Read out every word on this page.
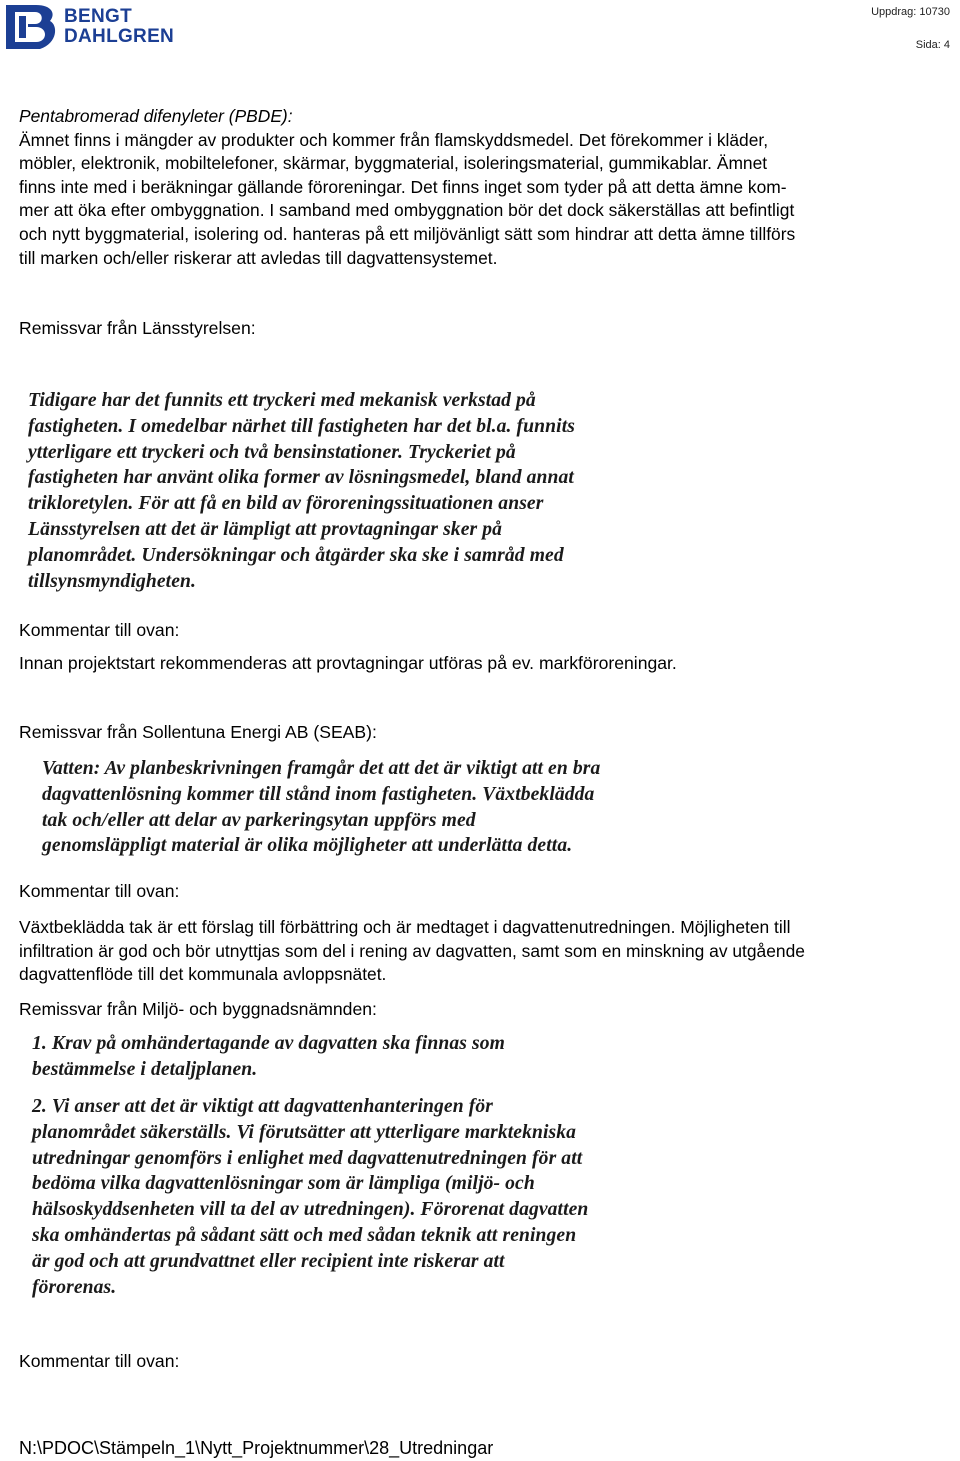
BENGT
DAHLGREN
Uppdrag: 10730
Sida: 4
Pentabromerad difenyleter (PBDE):
Ämnet finns i mängder av produkter och kommer från flamskyddsmedel. Det förekommer i kläder,
möbler, elektronik, mobiltelefoner, skärmar, byggmaterial, isoleringsmaterial, gummikablar. Ämnet
finns inte med i beräkningar gällande föroreningar. Det finns inget som tyder på att detta ämne kom-
mer att öka efter ombyggnation. I samband med ombyggnation bör det dock säkerställas att befintligt
och nytt byggmaterial, isolering od. hanteras på ett miljövänligt sätt som hindrar att detta ämne tillförs
till marken och/eller riskerar att avledas till dagvattensystemet.
Remissvar från Länsstyrelsen:
Tidigare har det funnits ett tryckeri med mekanisk verkstad på
fastigheten. I omedelbar närhet till fastigheten har det bl.a. funnits
ytterligare ett tryckeri och två bensinstationer. Tryckeriet på
fastigheten har använt olika former av lösningsmedel, bland annat
trikloretylen. För att få en bild av föroreningssituationen anser
Länsstyrelsen att det är lämpligt att provtagningar sker på
planområdet. Undersökningar och åtgärder ska ske i samråd med
tillsynsmyndigheten.
Kommentar till ovan:
Innan projektstart rekommenderas att provtagningar utföras på ev. markföroreningar.
Remissvar från Sollentuna Energi AB (SEAB):
Vatten: Av planbeskrivningen framgår det att det är viktigt att en bra
dagvattenlösning kommer till stånd inom fastigheten. Växtbeklädda
tak och/eller att delar av parkeringsytan uppförs med
genomsläppligt material är olika möjligheter att underlätta detta.
Kommentar till ovan:
Växtbeklädda tak är ett förslag till förbättring och är medtaget i dagvattenutredningen. Möjligheten till
infiltration är god och bör utnyttjas som del i rening av dagvatten, samt som en minskning av utgående
dagvattenflöde till det kommunala avloppsnätet.
Remissvar från Miljö- och byggnadsnämnden:
1. Krav på omhändertagande av dagvatten ska finnas som
bestämmelse i detaljplanen.
2. Vi anser att det är viktigt att dagvattenhanteringen för
planområdet säkerställs. Vi förutsätter att ytterligare marktekniska
utredningar genomförs i enlighet med dagvattenutredningen för att
bedöma vilka dagvattenlösningar som är lämpliga (miljö- och
hälsoskyddsenheten vill ta del av utredningen). Förorenat dagvatten
ska omhändertas på sådant sätt och med sådan teknik att reningen
är god och att grundvattnet eller recipient inte riskerar att
förorenas.
Kommentar till ovan:
N:\PDOC\Stämpeln_1\Nytt_Projektnummer\28_Utredningar
